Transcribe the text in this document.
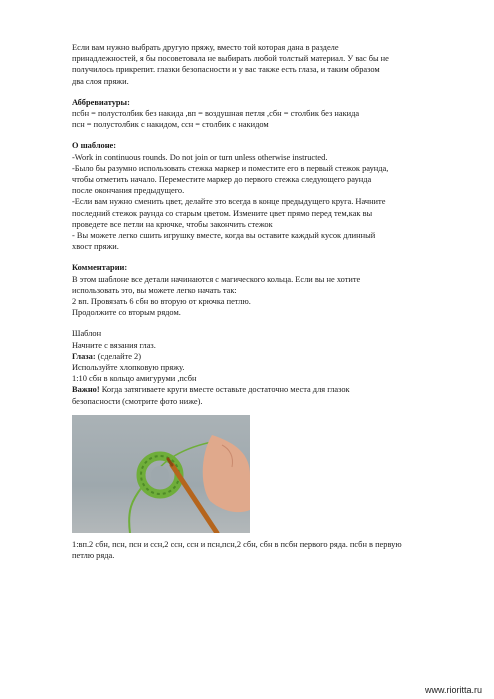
Если вам нужно выбрать другую пряжу, вместо той которая дана в разделе

принадлежностей, я бы посоветовала не выбирать любой толстый материал. У вас бы не

получилось прикрепит. глазки безопасности и у вас также есть глаза, и таким образом

два слоя пряжи.

Аббревиатуры:

псбн = полустолбик без накида ,вп = воздушная петля ,сбн = столбик без накида

псн = полустолбик с накидом, ссн = столбик с накидом

О шаблоне:

-Work in continuous rounds. Do not join or turn unless otherwise instructed.

-Было бы разумно использовать стежка маркер и поместите его в первый стежок раунда,

чтобы отметить начало. Переместите маркер до первого стежка следующего раунда

после окончания предыдущего.

-Если вам нужно сменить цвет, делайте это всегда в конце предыдущего круга. Начните

последний стежок раунда со старым цветом. Измените цвет прямо перед тем,как вы

проведете все петли на крючке, чтобы закончить стежок

- Вы можете легко сшить игрушку вместе, когда вы оставите каждый кусок длинный

хвост пряжи.

Комментарии:

В этом шаблоне все детали начинаются с магического кольца. Если вы не хотите

использовать это, вы можете легко начать так:

2 вп. Провязать 6 сбн во вторую от крючка петлю.

Продолжите со вторым рядом.

Шаблон

Начните с вязания глаз.

Глаза: (сделайте 2)

Используйте хлопковую пряжу.

1:10 сбн в кольцо амигуруми ,псбн

Важно! Когда затягиваете круги вместе оставьте достаточно места для глазок

безопасности (смотрите фото ниже).

1:вп.2 сбн, псн, псн и ссн,2 ссн, ссн и псн,псн,2 сбн, сбн в псбн первого ряда. псбн в первую

петлю ряда.

www.rioritta.ru
